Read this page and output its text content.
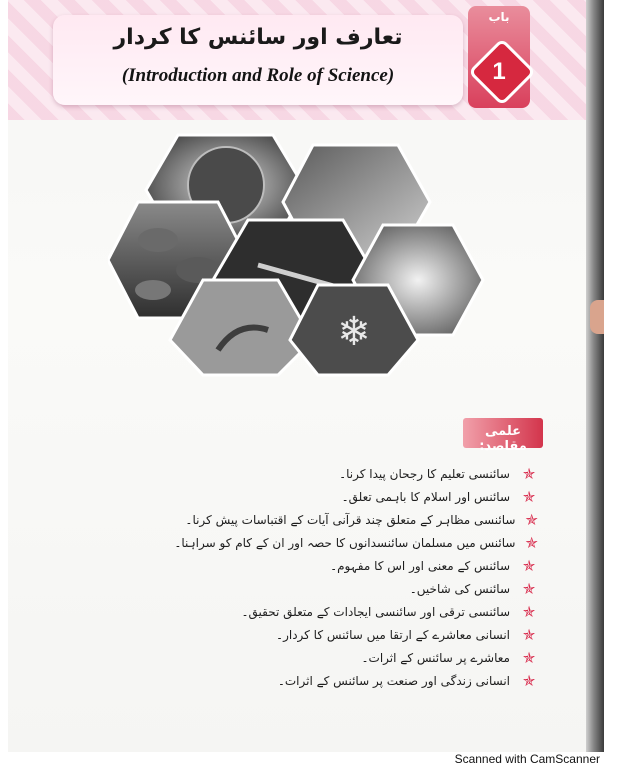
تعارف اور سائنس کا کردار
(Introduction and Role of Science)
باب
1
❄
علمی مقاصد:
✯
سائنسی تعلیم کا رجحان پیدا کرنا۔
✯
سائنس اور اسلام کا باہمی تعلق۔
✯
سائنسی مظاہر کے متعلق چند قرآنی آیات کے اقتباسات پیش کرنا۔
✯
سائنس میں مسلمان سائنسدانوں کا حصہ اور ان کے کام کو سراہنا۔
✯
سائنس کے معنی اور اس کا مفہوم۔
✯
سائنس کی شاخیں۔
✯
سائنسی ترقی اور سائنسی ایجادات کے متعلق تحقیق۔
✯
انسانی معاشرے کے ارتقا میں سائنس کا کردار۔
✯
معاشرے پر سائنس کے اثرات۔
✯
انسانی زندگی اور صنعت پر سائنس کے اثرات۔
Scanned with CamScanner
